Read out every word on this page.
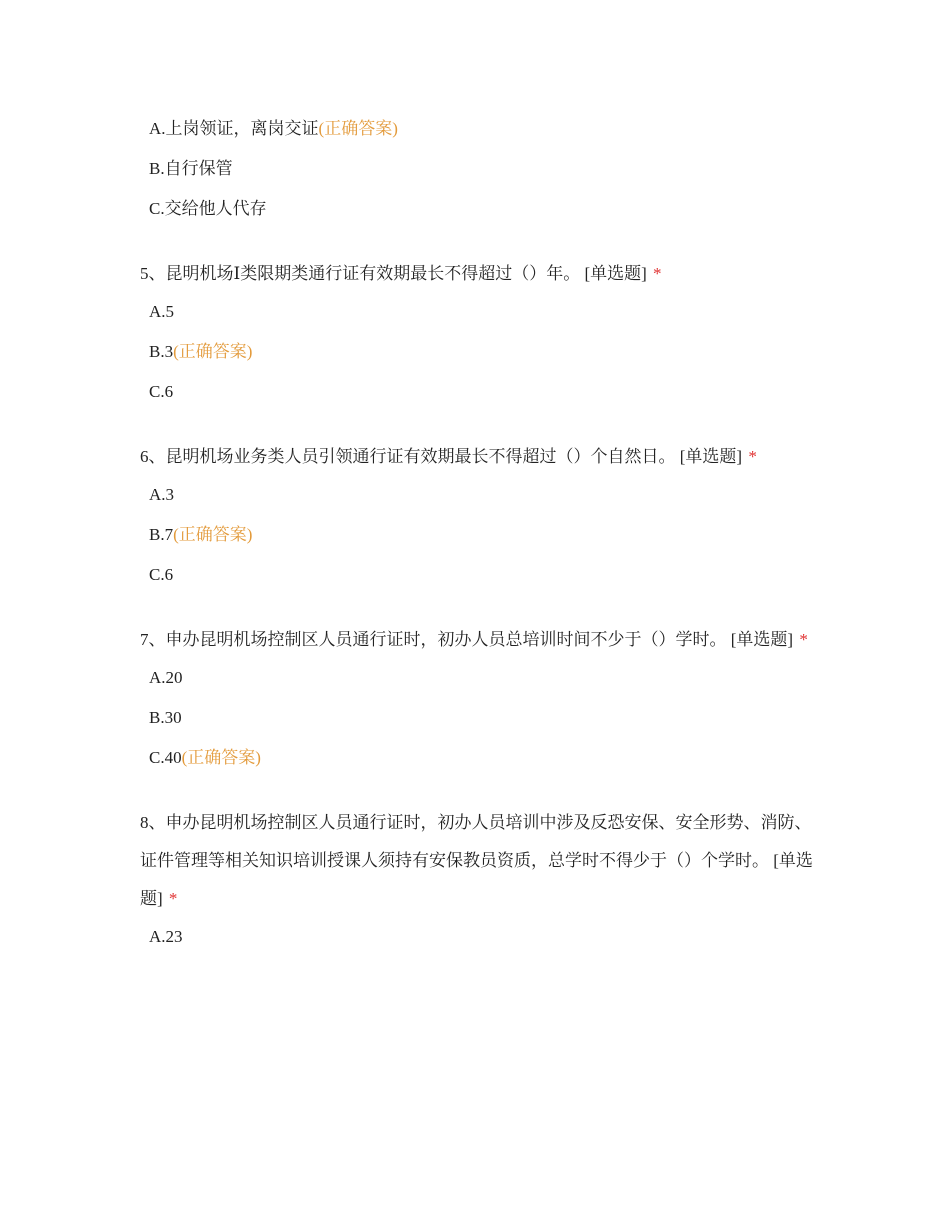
A.上岗领证，离岗交证(正确答案)
B.自行保管
C.交给他人代存
5、昆明机场Ⅰ类限期类通行证有效期最长不得超过（）年。 [单选题] *
A.5
B.3(正确答案)
C.6
6、昆明机场业务类人员引领通行证有效期最长不得超过（）个自然日。 [单选题] *
A.3
B.7(正确答案)
C.6
7、申办昆明机场控制区人员通行证时，初办人员总培训时间不少于（）学时。 [单选题] *
A.20
B.30
C.40(正确答案)
8、申办昆明机场控制区人员通行证时，初办人员培训中涉及反恐安保、安全形势、消防、证件管理等相关知识培训授课人须持有安保教员资质，总学时不得少于（）个学时。 [单选题] *
A.23
